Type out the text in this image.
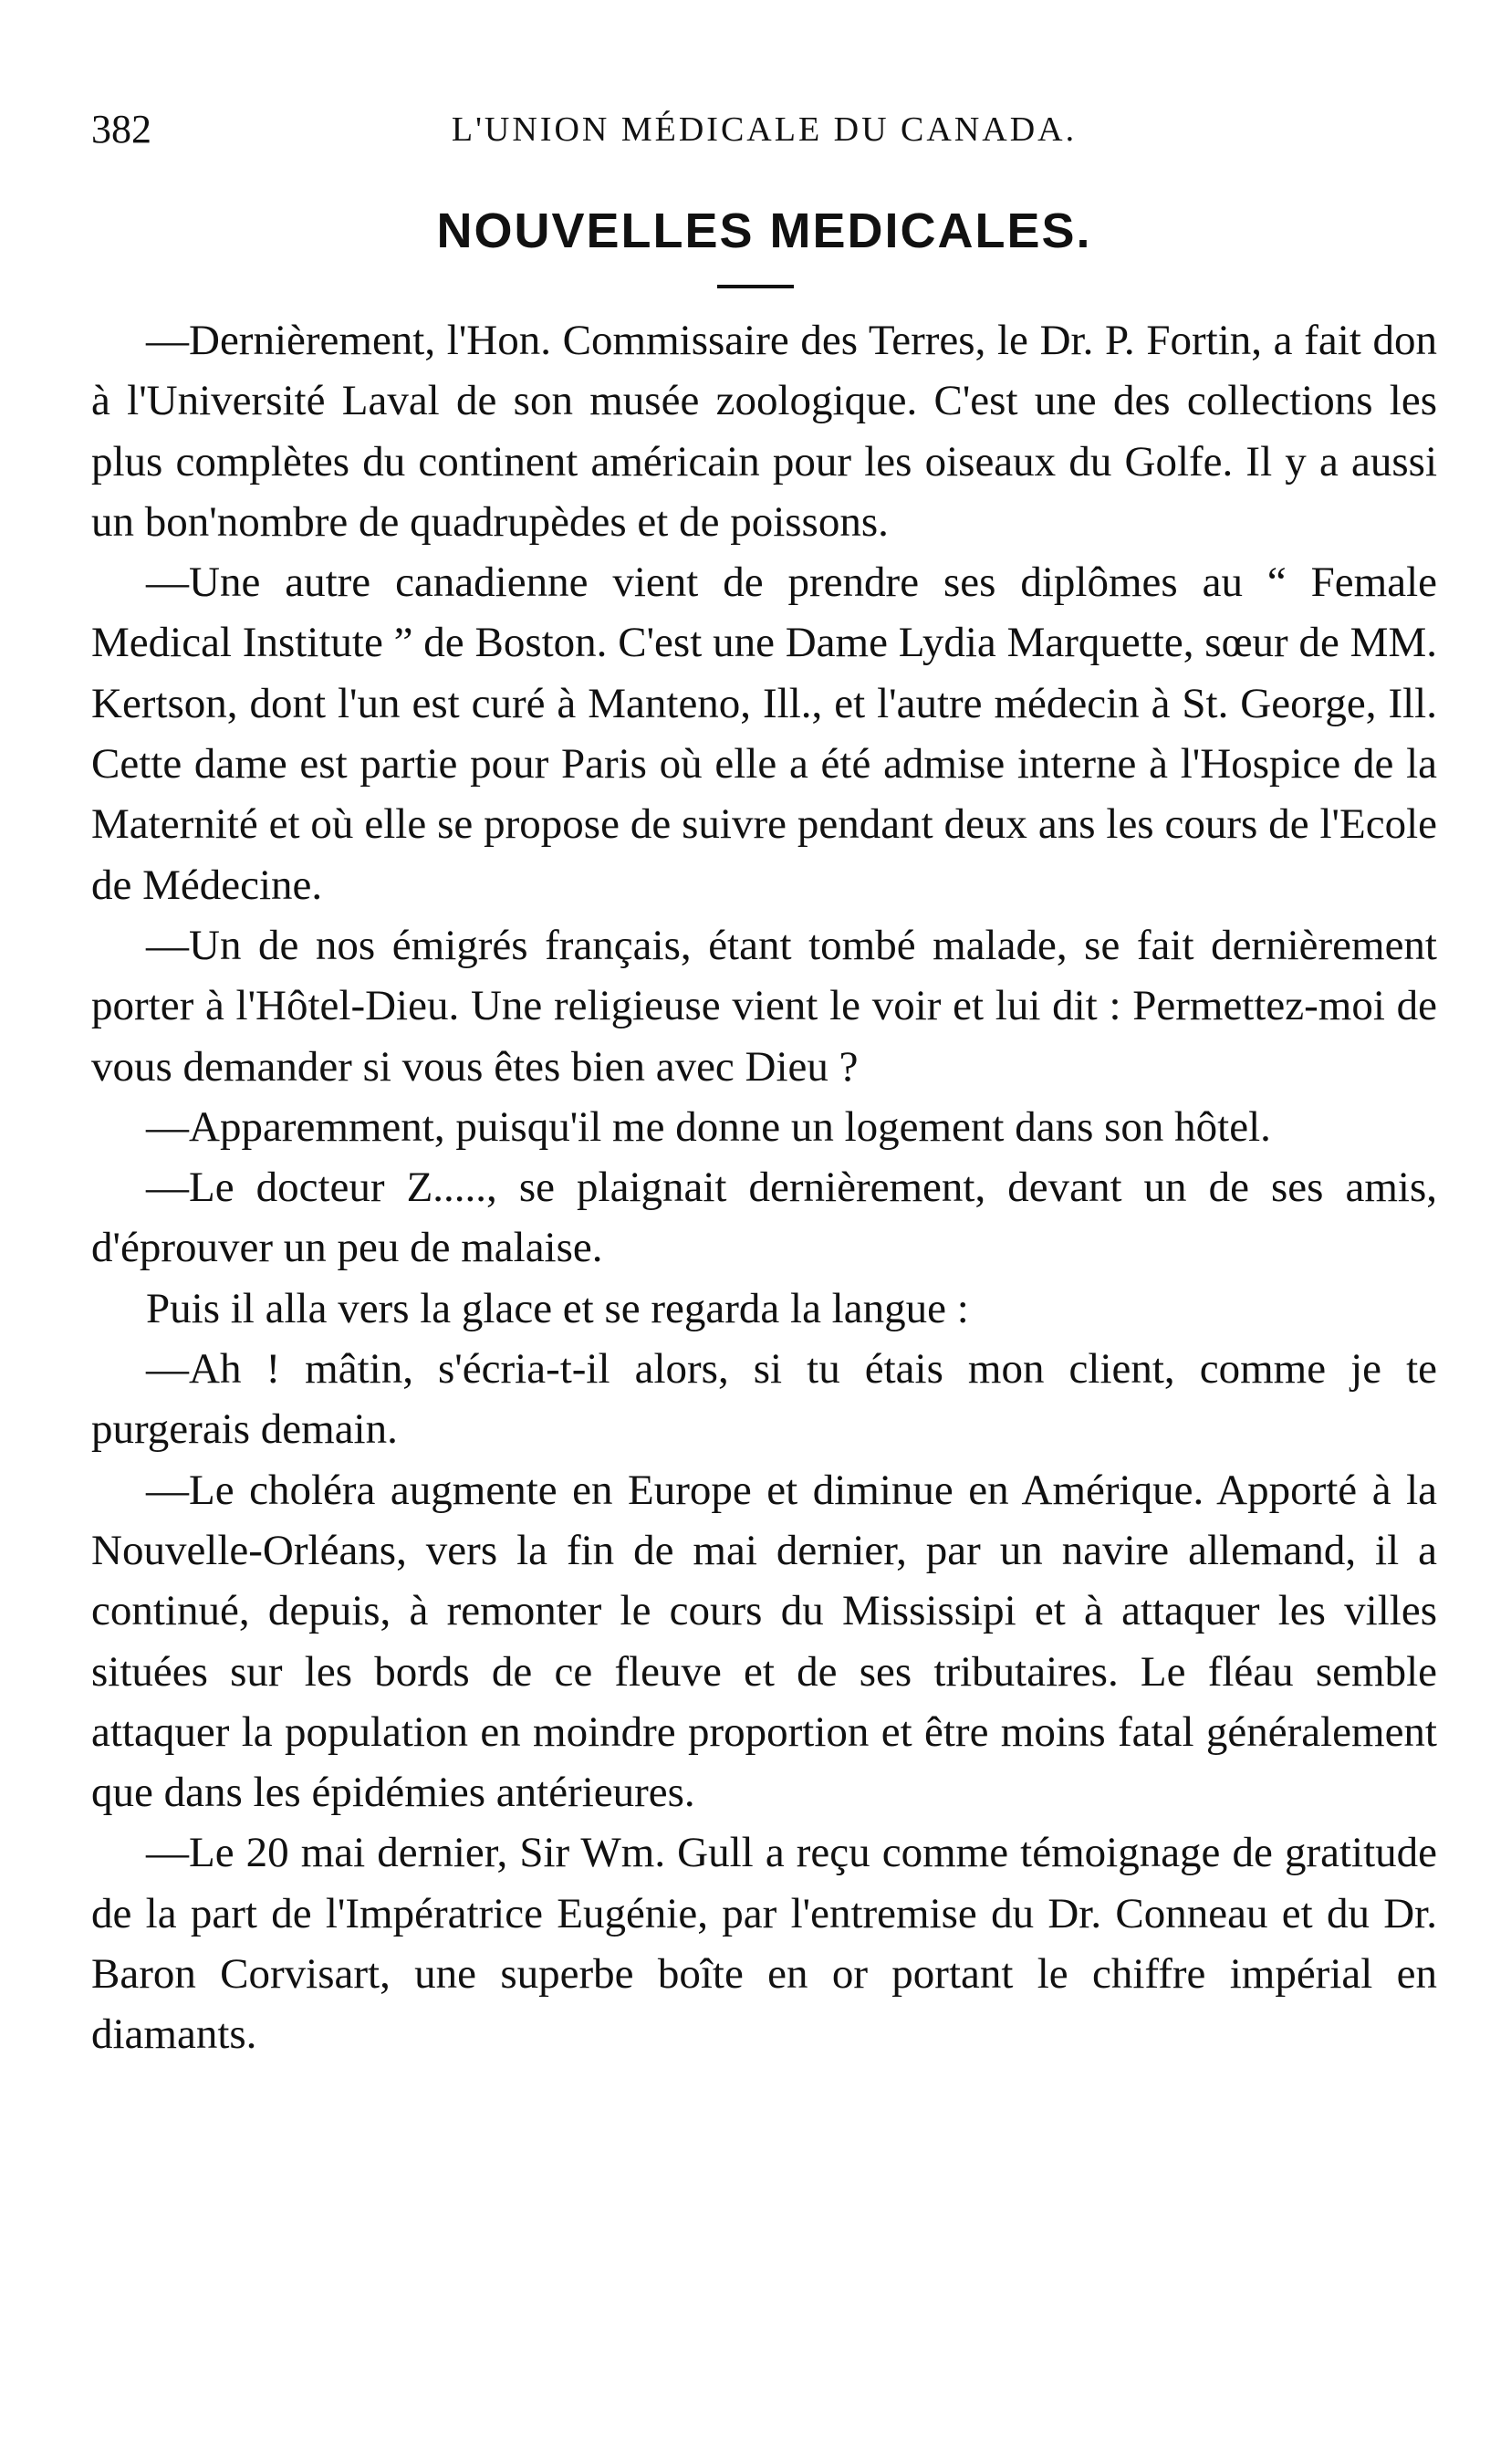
382	L'UNION MÉDICALE DU CANADA.
NOUVELLES MEDICALES.

—Dernièrement, l'Hon. Commissaire des Terres, le Dr. P. Fortin, a fait don à l'Université Laval de son musée zoologique. C'est une des collections les plus complètes du continent américain pour les oiseaux du Golfe. Il y a aussi un bon'nombre de quadrupèdes et de poissons.

—Une autre canadienne vient de prendre ses diplômes au “ Female Medical Institute ” de Boston. C'est une Dame Lydia Marquette, sœur de MM. Kertson, dont l'un est curé à Manteno, Ill., et l'autre médecin à St. George, Ill. Cette dame est partie pour Paris où elle a été admise interne à l'Hospice de la Maternité et où elle se propose de suivre pendant deux ans les cours de l'Ecole de Médecine.

—Un de nos émigrés français, étant tombé malade, se fait dernièrement porter à l'Hôtel-Dieu. Une religieuse vient le voir et lui dit : Permettez-moi de vous demander si vous êtes bien avec Dieu ?

—Apparemment, puisqu'il me donne un logement dans son hôtel.

—Le docteur Z....., se plaignait dernièrement, devant un de ses amis, d'éprouver un peu de malaise.

Puis il alla vers la glace et se regarda la langue :

—Ah ! mâtin, s'écria-t-il alors, si tu étais mon client, comme je te purgerais demain.

—Le choléra augmente en Europe et diminue en Amérique. Apporté à la Nouvelle-Orléans, vers la fin de mai dernier, par un navire allemand, il a continué, depuis, à remonter le cours du Mississipi et à attaquer les villes situées sur les bords de ce fleuve et de ses tributaires. Le fléau semble attaquer la population en moindre proportion et être moins fatal généralement que dans les épidémies antérieures.

—Le 20 mai dernier, Sir Wm. Gull a reçu comme témoignage de gratitude de la part de l'Impératrice Eugénie, par l'entremise du Dr. Conneau et du Dr. Baron Corvisart, une superbe boîte en or portant le chiffre impérial en diamants.
